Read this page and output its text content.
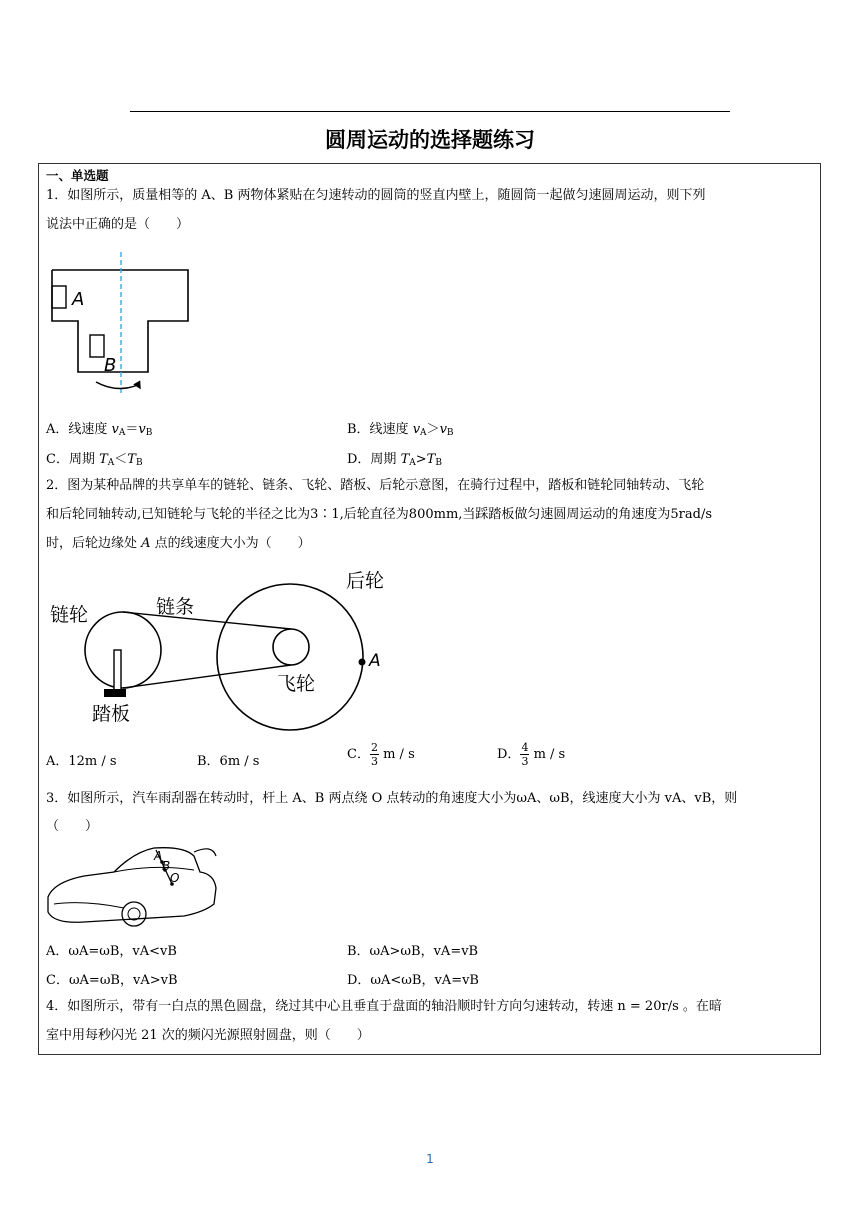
圆周运动的选择题练习
一、单选题
1．如图所示，质量相等的 A、B 两物体紧贴在匀速转动的圆筒的竖直内壁上，随圆筒一起做匀速圆周运动，则下列
说法中正确的是（　　）
A
B
A．线速度 $v_A=v_B$	B．线速度 $v_A>v_B$
C．周期 $T_A<T_B$	D．周期 $T_A>T_B$
2．图为某种品牌的共享单车的链轮、链条、飞轮、踏板、后轮示意图，在骑行过程中，踏板和链轮同轴转动、飞轮
和后轮同轴转动,已知链轮与飞轮的半径之比为3∶1,后轮直径为800mm,当踩踏板做匀速圆周运动的角速度为5rad/s
时，后轮边缘处 A 点的线速度大小为（　　）
链轮	链条
后轮
飞轮
踏板
A
A．12m / s	B．6m / s	C． $\frac{2}{3}$ m / s	D． $\frac{4}{3}$ m / s
3．如图所示，汽车雨刮器在转动时，杆上 A、B 两点绕 O 点转动的角速度大小为ωA、ωB，线速度大小为 vA、vB，则
（　　）
A
B
O
A．ωA=ωB，vA<vB	B．ωA>ωB，vA=vB
C．ωA=ωB，vA>vB	D．ωA<ωB，vA=vB
4．如图所示，带有一白点的黑色圆盘，绕过其中心且垂直于盘面的轴沿顺时针方向匀速转动，转速 n = 20r/s 。在暗
室中用每秒闪光 21 次的频闪光源照射圆盘，则（　　）
1
